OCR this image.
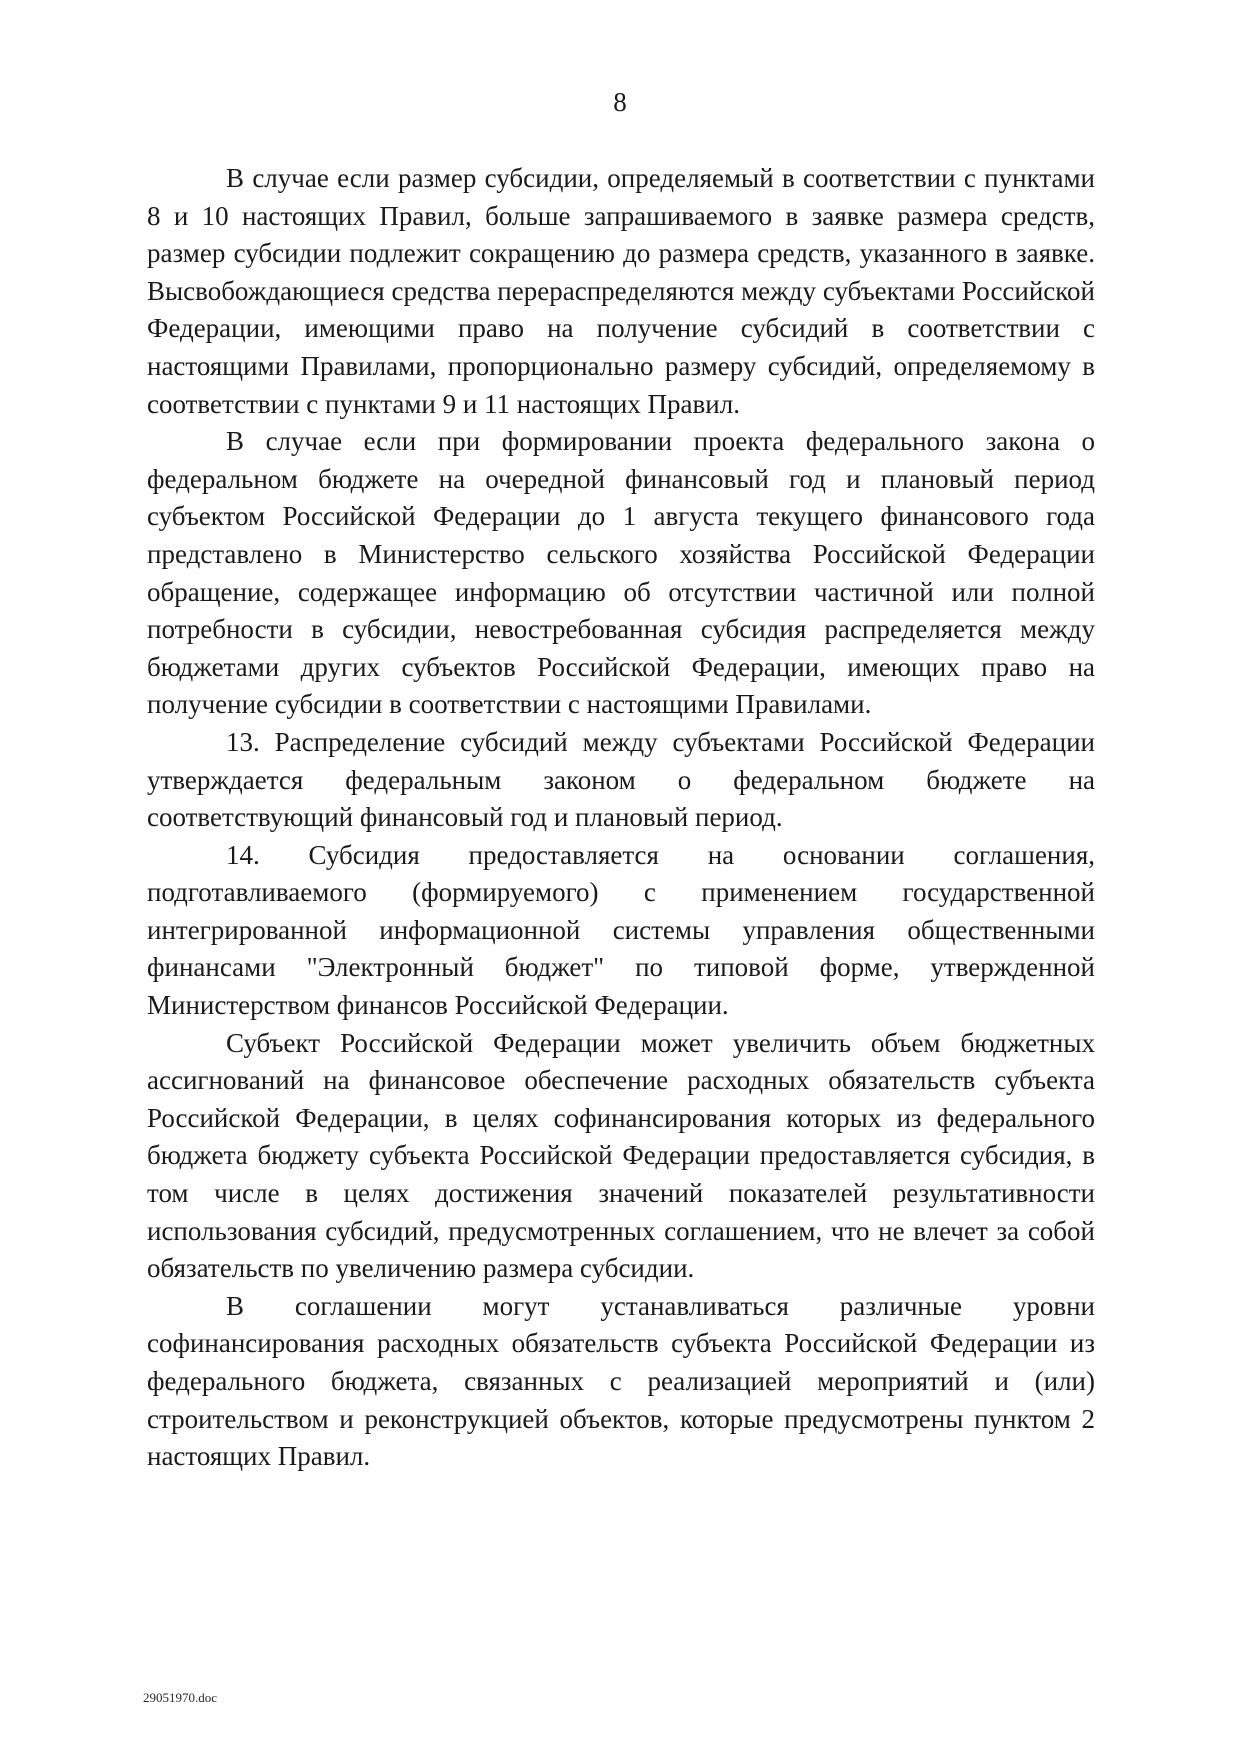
8

В случае если размер субсидии, определяемый в соответствии с пунктами 8 и 10 настоящих Правил, больше запрашиваемого в заявке размера средств, размер субсидии подлежит сокращению до размера средств, указанного в заявке. Высвобождающиеся средства перераспределяются между субъектами Российской Федерации, имеющими право на получение субсидий в соответствии с настоящими Правилами, пропорционально размеру субсидий, определяемому в соответствии с пунктами 9 и 11 настоящих Правил.

В случае если при формировании проекта федерального закона о федеральном бюджете на очередной финансовый год и плановый период субъектом Российской Федерации до 1 августа текущего финансового года представлено в Министерство сельского хозяйства Российской Федерации обращение, содержащее информацию об отсутствии частичной или полной потребности в субсидии, невостребованная субсидия распределяется между бюджетами других субъектов Российской Федерации, имеющих право на получение субсидии в соответствии с настоящими Правилами.

13. Распределение субсидий между субъектами Российской Федерации утверждается федеральным законом о федеральном бюджете на соответствующий финансовый год и плановый период.

14. Субсидия предоставляется на основании соглашения, подготавливаемого (формируемого) с применением государственной интегрированной информационной системы управления общественными финансами "Электронный бюджет" по типовой форме, утвержденной Министерством финансов Российской Федерации.

Субъект Российской Федерации может увеличить объем бюджетных ассигнований на финансовое обеспечение расходных обязательств субъекта Российской Федерации, в целях софинансирования которых из федерального бюджета бюджету субъекта Российской Федерации предоставляется субсидия, в том числе в целях достижения значений показателей результативности использования субсидий, предусмотренных соглашением, что не влечет за собой обязательств по увеличению размера субсидии.

В соглашении могут устанавливаться различные уровни софинансирования расходных обязательств субъекта Российской Федерации из федерального бюджета, связанных с реализацией мероприятий и (или) строительством и реконструкцией объектов, которые предусмотрены пунктом 2 настоящих Правил.

29051970.doc
